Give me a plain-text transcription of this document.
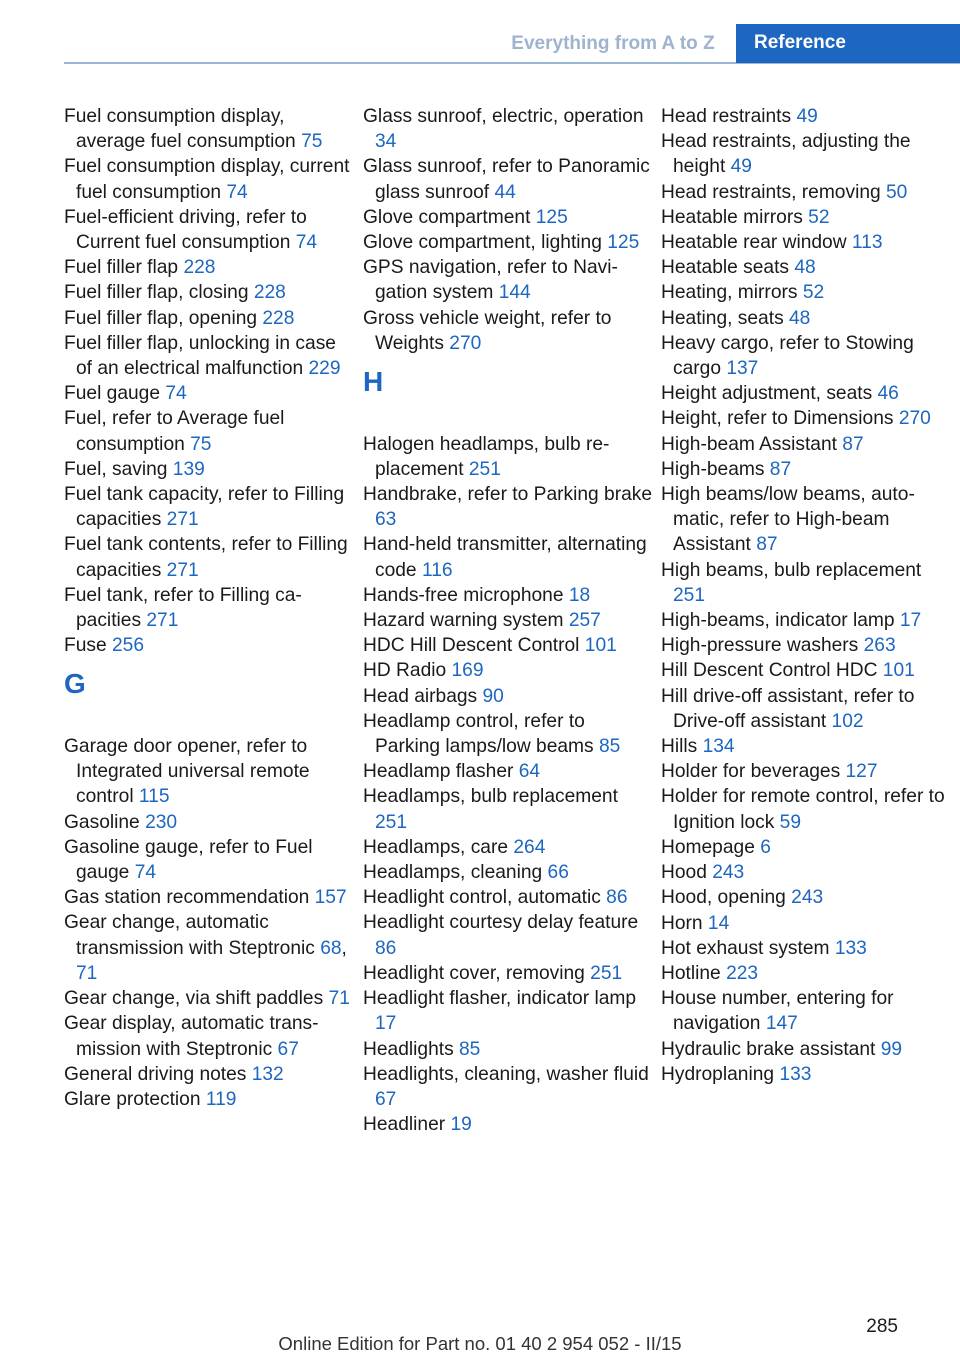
Everything from A to Z	Reference
Fuel consumption display, average fuel consumption 75
Fuel consumption display, current fuel consumption 74
Fuel-efficient driving, refer to Current fuel consumption 74
Fuel filler flap 228
Fuel filler flap, closing 228
Fuel filler flap, opening 228
Fuel filler flap, unlocking in case of an electrical malfunction 229
Fuel gauge 74
Fuel, refer to Average fuel consumption 75
Fuel, saving 139
Fuel tank capacity, refer to Filling capacities 271
Fuel tank contents, refer to Filling capacities 271
Fuel tank, refer to Filling capacities 271
Fuse 256
G
Garage door opener, refer to Integrated universal remote control 115
Gasoline 230
Gasoline gauge, refer to Fuel gauge 74
Gas station recommendation 157
Gear change, automatic transmission with Steptronic 68, 71
Gear change, via shift paddles 71
Gear display, automatic transmission with Steptronic 67
General driving notes 132
Glare protection 119
Glass sunroof, electric, operation 34
Glass sunroof, refer to Panoramic glass sunroof 44
Glove compartment 125
Glove compartment, lighting 125
GPS navigation, refer to Navigation system 144
Gross vehicle weight, refer to Weights 270
H
Halogen headlamps, bulb replacement 251
Handbrake, refer to Parking brake 63
Hand-held transmitter, alternating code 116
Hands-free microphone 18
Hazard warning system 257
HDC Hill Descent Control 101
HD Radio 169
Head airbags 90
Headlamp control, refer to Parking lamps/low beams 85
Headlamp flasher 64
Headlamps, bulb replacement 251
Headlamps, care 264
Headlamps, cleaning 66
Headlight control, automatic 86
Headlight courtesy delay feature 86
Headlight cover, removing 251
Headlight flasher, indicator lamp 17
Headlights 85
Headlights, cleaning, washer fluid 67
Headliner 19
Head restraints 49
Head restraints, adjusting the height 49
Head restraints, removing 50
Heatable mirrors 52
Heatable rear window 113
Heatable seats 48
Heating, mirrors 52
Heating, seats 48
Heavy cargo, refer to Stowing cargo 137
Height adjustment, seats 46
Height, refer to Dimensions 270
High-beam Assistant 87
High-beams 87
High beams/low beams, automatic, refer to High-beam Assistant 87
High beams, bulb replacement 251
High-beams, indicator lamp 17
High-pressure washers 263
Hill Descent Control HDC 101
Hill drive-off assistant, refer to Drive-off assistant 102
Hills 134
Holder for beverages 127
Holder for remote control, refer to Ignition lock 59
Homepage 6
Hood 243
Hood, opening 243
Horn 14
Hot exhaust system 133
Hotline 223
House number, entering for navigation 147
Hydraulic brake assistant 99
Hydroplaning 133
285
Online Edition for Part no. 01 40 2 954 052 - II/15
